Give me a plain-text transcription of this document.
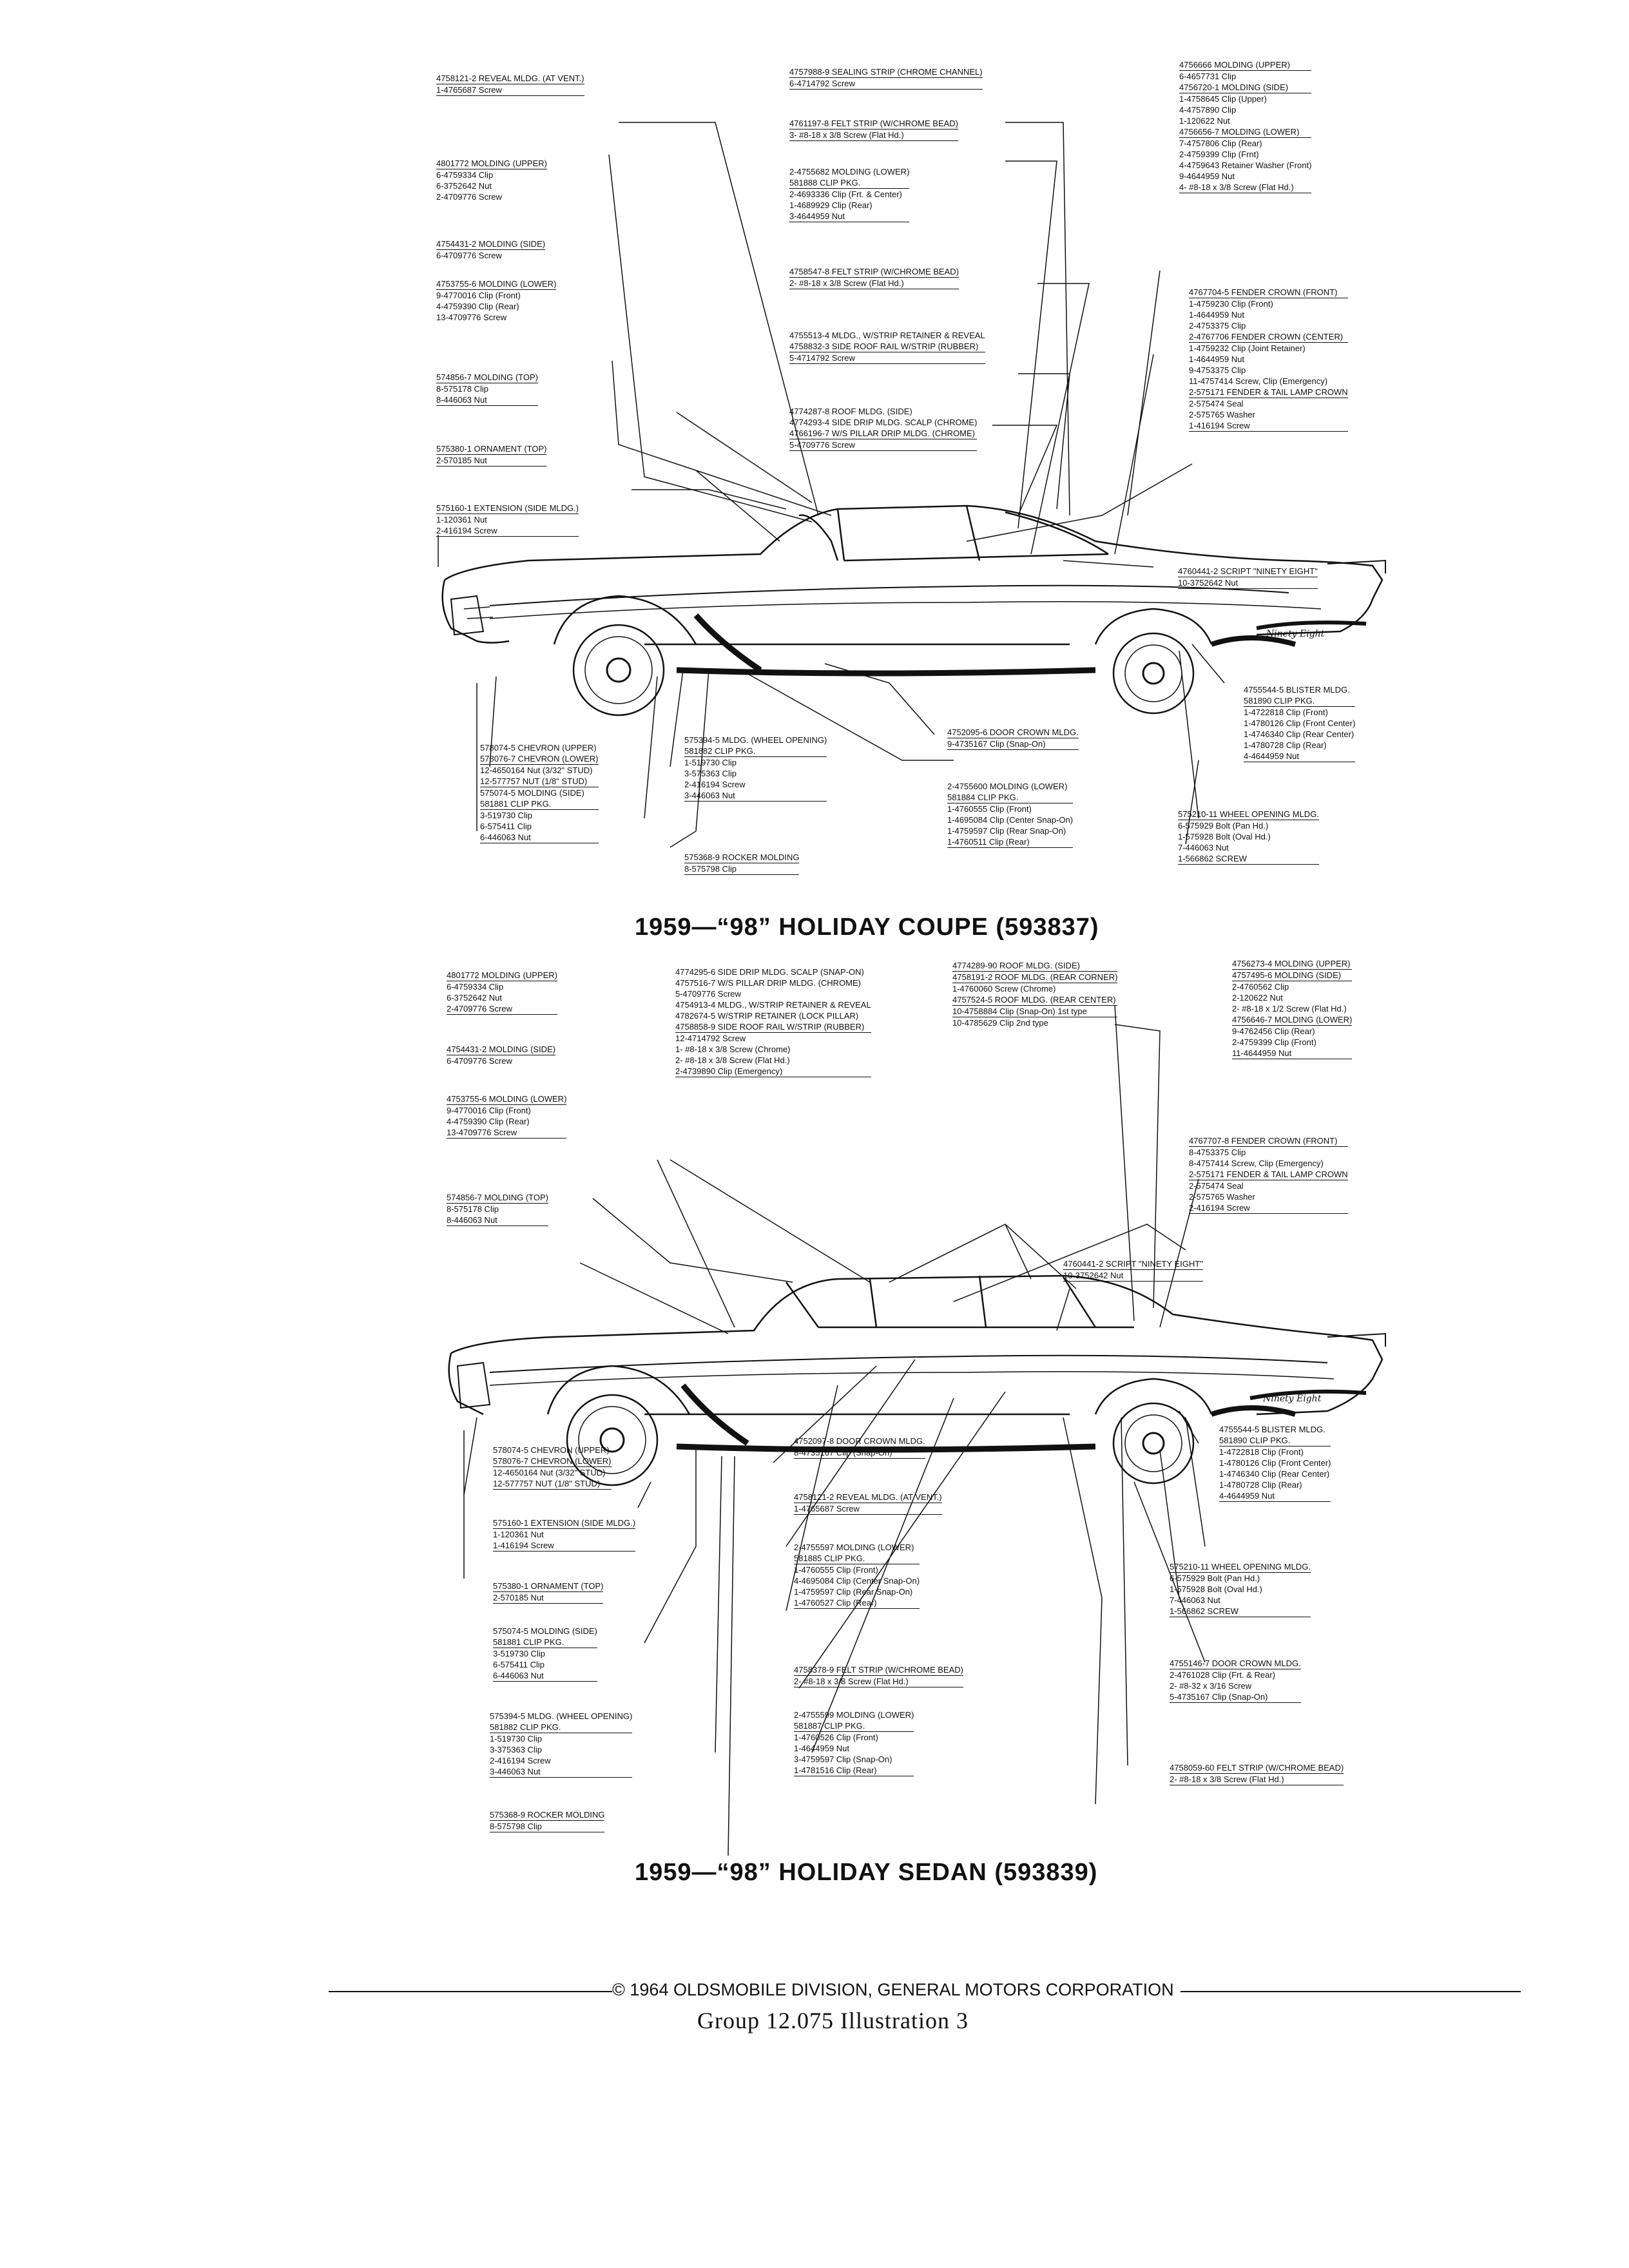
Ninety Eight
Ninety Eight
4758121-2 REVEAL MLDG. (AT VENT.)
1-4765687 Screw
4801772 MOLDING (UPPER)
6-4759334 Clip
6-3752642 Nut
2-4709776 Screw
4754431-2 MOLDING (SIDE)
6-4709776 Screw
4753755-6 MOLDING (LOWER)
9-4770016 Clip (Front)
4-4759390 Clip (Rear)
13-4709776 Screw
574856-7 MOLDING (TOP)
8-575178 Clip
8-446063 Nut
575380-1 ORNAMENT (TOP)
2-570185 Nut
575160-1 EXTENSION (SIDE MLDG.)
1-120361 Nut
2-416194 Screw
4757988-9 SEALING STRIP (CHROME CHANNEL)
6-4714792 Screw
4761197-8 FELT STRIP (W/CHROME BEAD)
3- #8-18 x 3/8 Screw (Flat Hd.)
2-4755682 MOLDING (LOWER)
581888 CLIP PKG.
2-4693336 Clip (Frt. & Center)
1-4689929 Clip (Rear)
3-4644959 Nut
4758547-8 FELT STRIP (W/CHROME BEAD)
2- #8-18 x 3/8 Screw (Flat Hd.)
4755513-4 MLDG., W/STRIP RETAINER & REVEAL
4758832-3 SIDE ROOF RAIL W/STRIP (RUBBER)
5-4714792 Screw
4774287-8 ROOF MLDG. (SIDE)
4774293-4 SIDE DRIP MLDG. SCALP (CHROME)
4766196-7 W/S PILLAR DRIP MLDG. (CHROME)
5-4709776 Screw
4756666 MOLDING (UPPER)
6-4657731 Clip
4756720-1 MOLDING (SIDE)
1-4758645 Clip (Upper)
4-4757890 Clip
1-120622 Nut
4756656-7 MOLDING (LOWER)
7-4757806 Clip (Rear)
2-4759399 Clip (Frnt)
4-4759643 Retainer Washer (Front)
9-4644959 Nut
4- #8-18 x 3/8 Screw (Flat Hd.)
4767704-5 FENDER CROWN (FRONT)
1-4759230 Clip (Front)
1-4644959 Nut
2-4753375 Clip
2-4767706 FENDER CROWN (CENTER)
1-4759232 Clip (Joint Retainer)
1-4644959 Nut
9-4753375 Clip
11-4757414 Screw, Clip (Emergency)
2-575171 FENDER & TAIL LAMP CROWN
2-575474 Seal
2-575765 Washer
1-416194 Screw
4760441-2 SCRIPT "NINETY EIGHT"
10-3752642 Nut
4755544-5 BLISTER MLDG.
581890 CLIP PKG.
1-4722818 Clip (Front)
1-4780126 Clip (Front Center)
1-4746340 Clip (Rear Center)
1-4780728 Clip (Rear)
4-4644959 Nut
575210-11 WHEEL OPENING MLDG.
6-575929 Bolt (Pan Hd.)
1-575928 Bolt (Oval Hd.)
7-446063 Nut
1-566862 SCREW
4752095-6 DOOR CROWN MLDG.
9-4735167 Clip (Snap-On)
2-4755600 MOLDING (LOWER)
581884 CLIP PKG.
1-4760555 Clip (Front)
1-4695084 Clip (Center Snap-On)
1-4759597 Clip (Rear Snap-On)
1-4760511 Clip (Rear)
575394-5 MLDG. (WHEEL OPENING)
581882 CLIP PKG.
1-519730 Clip
3-575363 Clip
2-416194 Screw
3-446063 Nut
575368-9 ROCKER MOLDING
8-575798 Clip
578074-5 CHEVRON (UPPER)
578076-7 CHEVRON (LOWER)
12-4650164 Nut (3/32" STUD)
12-577757 NUT (1/8" STUD)
575074-5 MOLDING (SIDE)
581881 CLIP PKG.
3-519730 Clip
6-575411 Clip
6-446063 Nut
1959—“98” HOLIDAY COUPE (593837)
4801772 MOLDING (UPPER)
6-4759334 Clip
6-3752642 Nut
2-4709776 Screw
4754431-2 MOLDING (SIDE)
6-4709776 Screw
4753755-6 MOLDING (LOWER)
9-4770016 Clip (Front)
4-4759390 Clip (Rear)
13-4709776 Screw
574856-7 MOLDING (TOP)
8-575178 Clip
8-446063 Nut
4774295-6 SIDE DRIP MLDG. SCALP (SNAP-ON)
4757516-7 W/S PILLAR DRIP MLDG. (CHROME)
5-4709776 Screw
4754913-4 MLDG., W/STRIP RETAINER & REVEAL
4782674-5 W/STRIP RETAINER (LOCK PILLAR)
4758858-9 SIDE ROOF RAIL W/STRIP (RUBBER)
12-4714792 Screw
1- #8-18 x 3/8 Screw (Chrome)
2- #8-18 x 3/8 Screw (Flat Hd.)
2-4739890 Clip (Emergency)
4774289-90 ROOF MLDG. (SIDE)
4758191-2 ROOF MLDG. (REAR CORNER)
1-4760060 Screw (Chrome)
4757524-5 ROOF MLDG. (REAR CENTER)
10-4758884 Clip (Snap-On) 1st type
10-4785629 Clip 2nd type
4756273-4 MOLDING (UPPER)
4757495-6 MOLDING (SIDE)
2-4760562 Clip
2-120622 Nut
2- #8-18 x 1/2 Screw (Flat Hd.)
4756646-7 MOLDING (LOWER)
9-4762456 Clip (Rear)
2-4759399 Clip (Front)
11-4644959 Nut
4767707-8 FENDER CROWN (FRONT)
8-4753375 Clip
8-4757414 Screw, Clip (Emergency)
2-575171 FENDER & TAIL LAMP CROWN
2-575474 Seal
2-575765 Washer
2-416194 Screw
4760441-2 SCRIPT "NINETY EIGHT"
10-3752642 Nut
578074-5 CHEVRON (UPPER)
578076-7 CHEVRON (LOWER)
12-4650164 Nut (3/32" STUD)
12-577757 NUT (1/8" STUD)
575160-1 EXTENSION (SIDE MLDG.)
1-120361 Nut
1-416194 Screw
575380-1 ORNAMENT (TOP)
2-570185 Nut
575074-5 MOLDING (SIDE)
581881 CLIP PKG.
3-519730 Clip
6-575411 Clip
6-446063 Nut
575394-5 MLDG. (WHEEL OPENING)
581882 CLIP PKG.
1-519730 Clip
3-375363 Clip
2-416194 Screw
3-446063 Nut
575368-9 ROCKER MOLDING
8-575798 Clip
4752097-8 DOOR CROWN MLDG.
8-4735167 Clip (Snap-On)
4758121-2 REVEAL MLDG. (AT VENT.)
1-4765687 Screw
2-4755597 MOLDING (LOWER)
581885 CLIP PKG.
1-4760555 Clip (Front)
4-4695084 Clip (Center Snap-On)
1-4759597 Clip (Rear Snap-On)
1-4760527 Clip (Rear)
4758378-9 FELT STRIP (W/CHROME BEAD)
2- #8-18 x 3/8 Screw (Flat Hd.)
2-4755599 MOLDING (LOWER)
581887 CLIP PKG.
1-4760526 Clip (Front)
1-4644959 Nut
3-4759597 Clip (Snap-On)
1-4781516 Clip (Rear)
4755544-5 BLISTER MLDG.
581890 CLIP PKG.
1-4722818 Clip (Front)
1-4780126 Clip (Front Center)
1-4746340 Clip (Rear Center)
1-4780728 Clip (Rear)
4-4644959 Nut
575210-11 WHEEL OPENING MLDG.
6-575929 Bolt (Pan Hd.)
1-575928 Bolt (Oval Hd.)
7-446063 Nut
1-566862 SCREW
4755146-7 DOOR CROWN MLDG.
2-4761028 Clip (Frt. & Rear)
2- #8-32 x 3/16 Screw
5-4735167 Clip (Snap-On)
4758059-60 FELT STRIP (W/CHROME BEAD)
2- #8-18 x 3/8 Screw (Flat Hd.)
1959—“98” HOLIDAY SEDAN (593839)
© 1964 OLDSMOBILE DIVISION, GENERAL MOTORS CORPORATION
Group 12.075 Illustration 3
